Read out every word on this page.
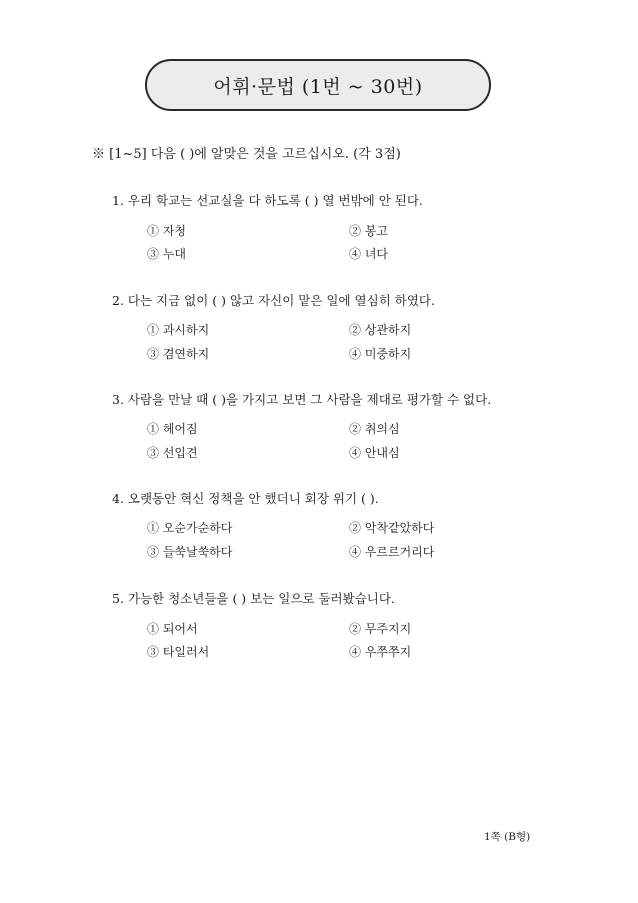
어휘·문법 (1번 ~ 30번)
※ [1~5] 다음 ( )에 알맞은 것을 고르십시오. (각 3점)
1. 우리 학교는 선교실을 다 하도록 ( ) 열 번밖에 안 된다.
① 자청	② 봉고
③ 누대	④ 녀다
2. 다는 지금 없이 ( ) 않고 자신이 맡은 일에 열심히 하였다.
① 과시하지	② 상관하지
③ 겸연하지	④ 미중하지
3. 사람을 만날 때 ( )을 가지고 보면 그 사람을 제대로 평가할 수 없다.
① 헤어짐	② 취의심
③ 선입견	④ 안내심
4. 오랫동안 혁신 정책을 안 했더니 회장 위기 ( ).
① 오순가순하다	② 악착같았하다
③ 들쑥날쑥하다	④ 우르르거리다
5. 가능한 청소년들을 ( ) 보는 일으로 둘러봤습니다.
① 되어서	② 무주지지
③ 타일러서	④ 우쭈쭈지
1쪽 (B형)
